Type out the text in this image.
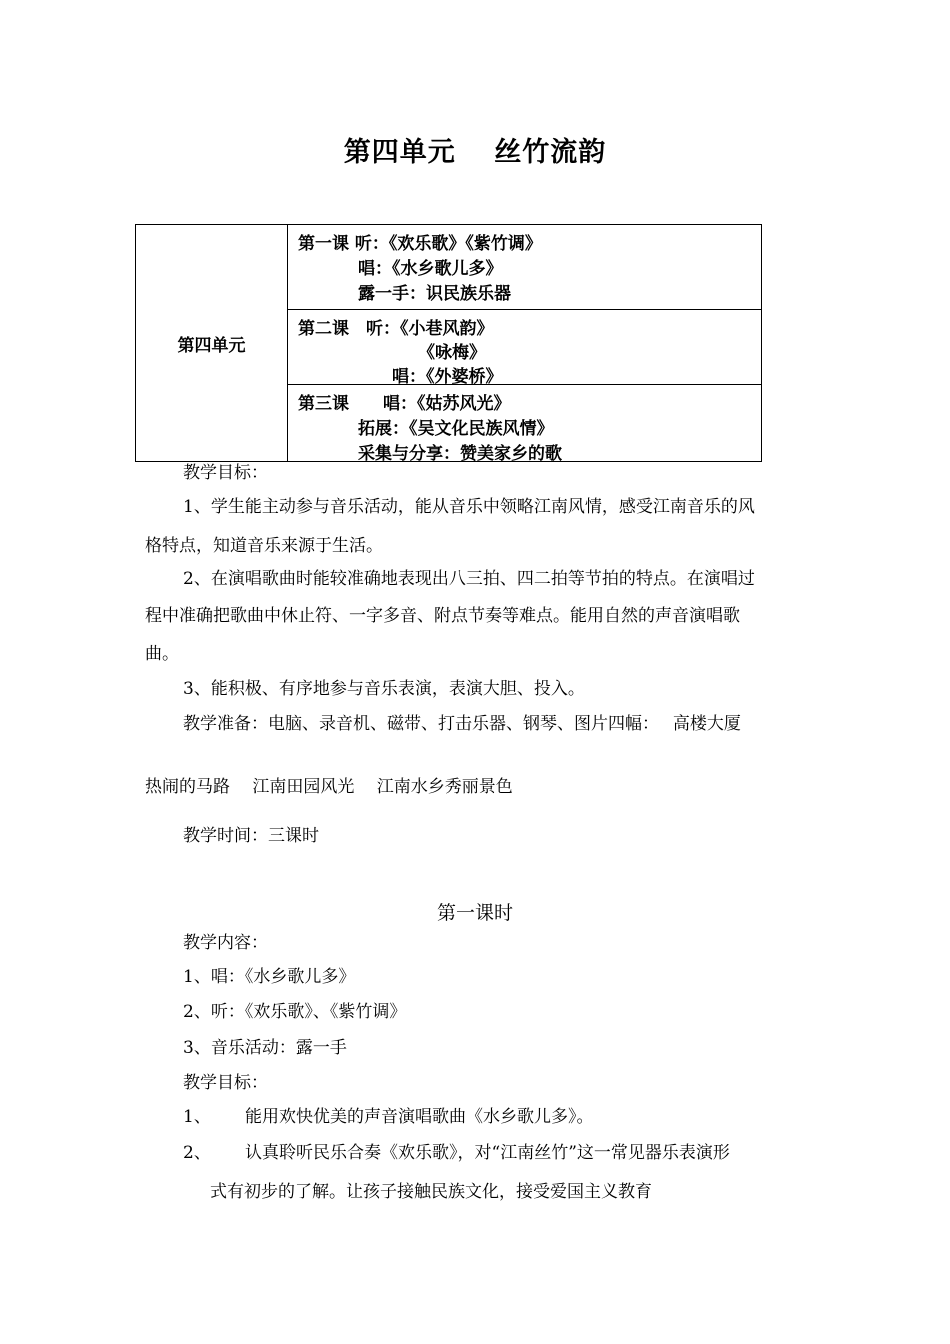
第四单元　 丝竹流韵
第四单元	
第一课 听：《欢乐歌》《紫竹调》
唱：《水乡歌儿多》
露一手：识民族乐器

第二课　听：《小巷风韵》
《咏梅》
唱：《外婆桥》

第三课　　唱：《姑苏风光》
拓展：《吴文化民族风情》
采集与分享：赞美家乡的歌
教学目标：
1、学生能主动参与音乐活动，能从音乐中领略江南风情，感受江南音乐的风
格特点，知道音乐来源于生活。
2、在演唱歌曲时能较准确地表现出八三拍、四二拍等节拍的特点。在演唱过
程中准确把歌曲中休止符、一字多音、附点节奏等难点。能用自然的声音演唱歌
曲。
3、能积极、有序地参与音乐表演，表演大胆、投入。
教学准备：电脑、录音机、磁带、打击乐器、钢琴、图片四幅：　 高楼大厦
热闹的马路　 江南田园风光　 江南水乡秀丽景色
教学时间：三课时
第一课时
教学内容：
1、唱：《水乡歌儿多》
2、听：《欢乐歌》、《紫竹调》
3、音乐活动：露一手
教学目标：
1、 能用欢快优美的声音演唱歌曲《水乡歌儿多》。
2、 认真聆听民乐合奏《欢乐歌》，对“江南丝竹”这一常见器乐表演形
式有初步的了解。让孩子接触民族文化，接受爱国主义教育
